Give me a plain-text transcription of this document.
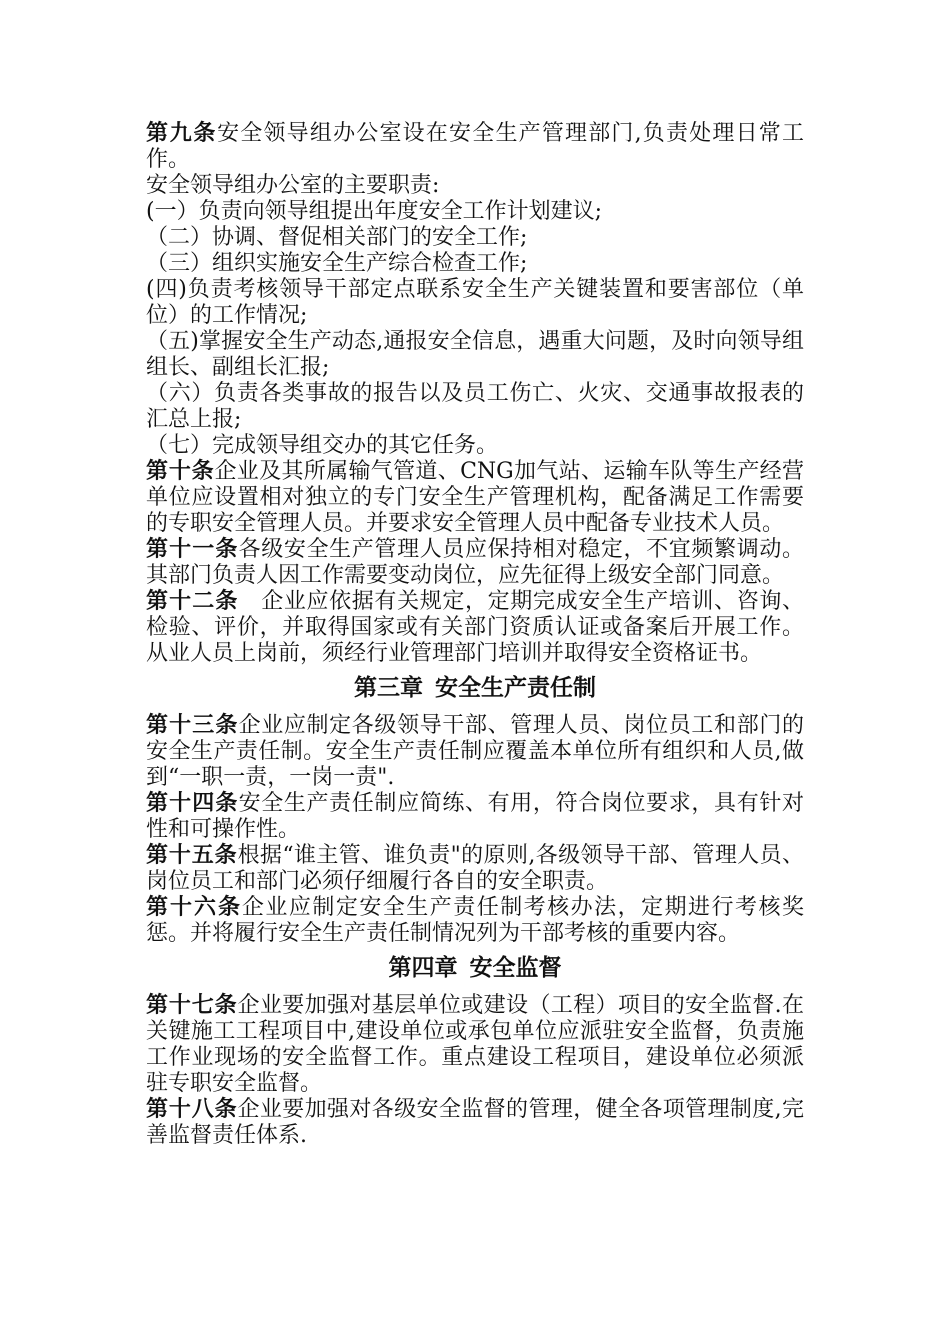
第九条安全领导组办公室设在安全生产管理部门,负责处理日常工作。

安全领导组办公室的主要职责:

(一）负责向领导组提出年度安全工作计划建议;

（二）协调、督促相关部门的安全工作;

（三）组织实施安全生产综合检查工作;

(四)负责考核领导干部定点联系安全生产关键装置和要害部位（单位）的工作情况;

（五)掌握安全生产动态,通报安全信息，遇重大问题，及时向领导组组长、副组长汇报;

（六）负责各类事故的报告以及员工伤亡、火灾、交通事故报表的汇总上报;

（七）完成领导组交办的其它任务。

第十条企业及其所属输气管道、CNG加气站、运输车队等生产经营单位应设置相对独立的专门安全生产管理机构，配备满足工作需要的专职安全管理人员。并要求安全管理人员中配备专业技术人员。

第十一条各级安全生产管理人员应保持相对稳定，不宜频繁调动。其部门负责人因工作需要变动岗位，应先征得上级安全部门同意。

第十二条 企业应依据有关规定，定期完成安全生产培训、咨询、检验、评价，并取得国家或有关部门资质认证或备案后开展工作。从业人员上岗前，须经行业管理部门培训并取得安全资格证书。

第三章 安全生产责任制

第十三条企业应制定各级领导干部、管理人员、岗位员工和部门的安全生产责任制。安全生产责任制应覆盖本单位所有组织和人员,做到“一职一责，一岗一责".

第十四条安全生产责任制应简练、有用，符合岗位要求，具有针对性和可操作性。

第十五条根据“谁主管、谁负责"的原则,各级领导干部、管理人员、岗位员工和部门必须仔细履行各自的安全职责。

第十六条企业应制定安全生产责任制考核办法，定期进行考核奖惩。并将履行安全生产责任制情况列为干部考核的重要内容。

第四章 安全监督

第十七条企业要加强对基层单位或建设（工程）项目的安全监督.在关键施工工程项目中,建设单位或承包单位应派驻安全监督，负责施工作业现场的安全监督工作。重点建设工程项目，建设单位必须派驻专职安全监督。

第十八条企业要加强对各级安全监督的管理，健全各项管理制度,完善监督责任体系.
